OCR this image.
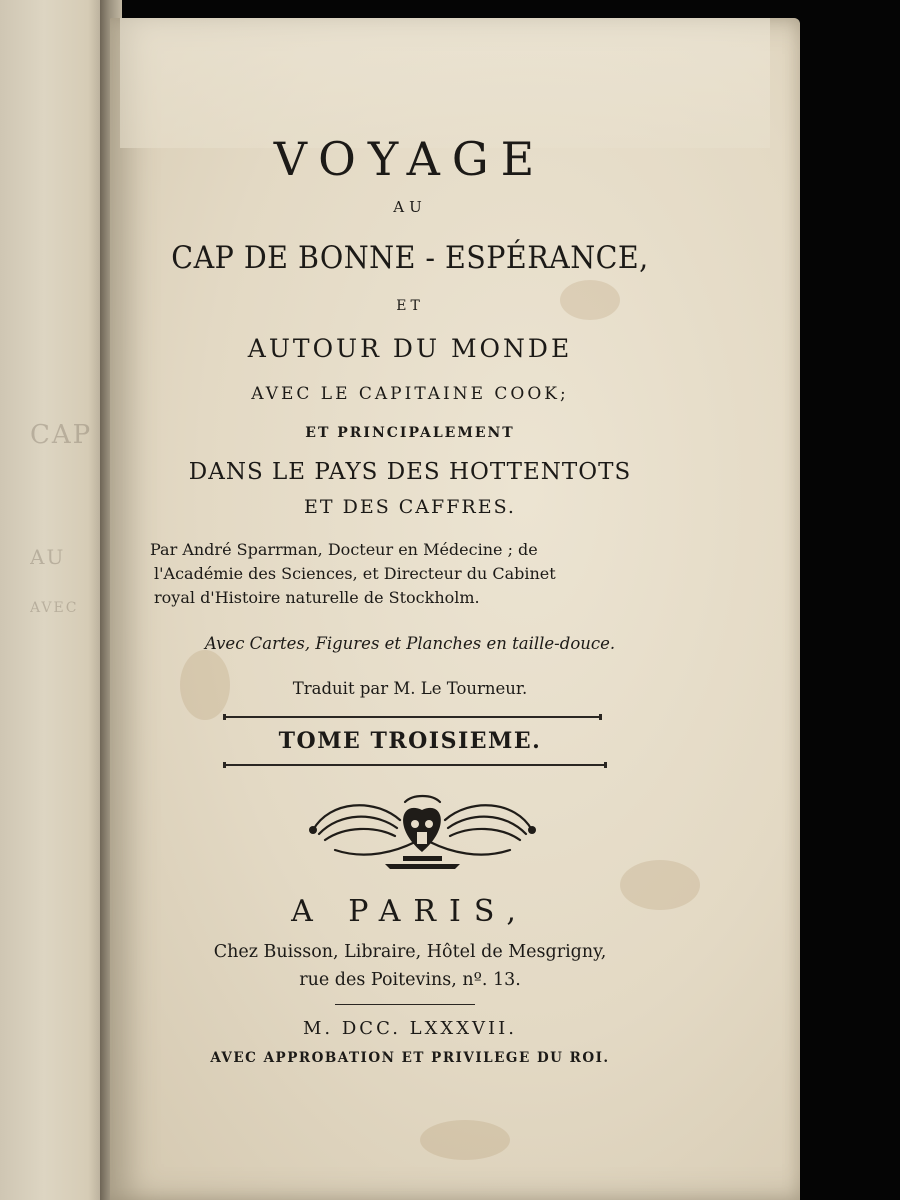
CAP
AU
AVEC
VOYAGE
AU
CAP DE BONNE - ESPÉRANCE,
ET
AUTOUR DU MONDE
AVEC LE CAPITAINE COOK;
ET PRINCIPALEMENT
DANS LE PAYS DES HOTTENTOTS
ET DES CAFFRES.
Par André Sparrman, Docteur en Médecine ; de
l'Académie des Sciences, et Directeur du Cabinet
royal d'Histoire naturelle de Stockholm.
Avec Cartes, Figures et Planches en taille-douce.
Traduit par M. Le Tourneur.
TOME TROISIEME.
A PARIS,
Chez Buisson, Libraire, Hôtel de Mesgrigny,
rue des Poitevins, nº. 13.
M. DCC. LXXXVII.
AVEC APPROBATION ET PRIVILEGE DU ROI.
